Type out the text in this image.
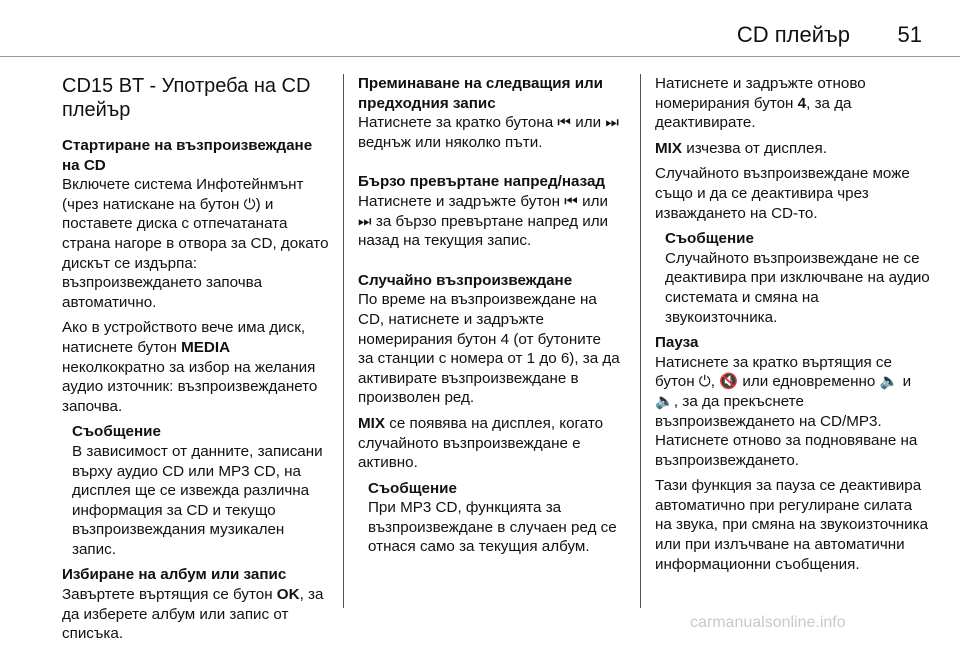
CD плейър 51
CD15 BT - Употреба на CD плейър

Стартиране на възпроизвеждане на CD

Включете система Инфотейнмънт (чрез натискане на бутон ⏻) и поставете диска с отпечатаната страна нагоре в отвора за CD, докато дискът се издърпа: възпроизвеждането започва автоматично.

Ако в устройството вече има диск, натиснете бутон MEDIA неколкократно за избор на желания аудио източник: възпроизвеждането започва.

Съобщение
В зависимост от данните, записани върху аудио CD или MP3 CD, на дисплея ще се извежда различна информация за CD и текущо възпроизвеждания музикален запис.

Избиране на албум или запис

Завъртете въртящия се бутон OK, за да изберете албум или запис от списъка.

Преминаване на следващия или предходния запис

Натиснете за кратко бутона ⏮ или ⏭ веднъж или няколко пъти.

Бързо превъртане напред/назад

Натиснете и задръжте бутон ⏮ или ⏭ за бързо превъртане напред или назад на текущия запис.

Случайно възпроизвеждане

По време на възпроизвеждане на CD, натиснете и задръжте номерирания бутон 4 (от бутоните за станции с номера от 1 до 6), за да активирате възпроизвеждане в произволен ред.

MIX се появява на дисплея, когато случайното възпроизвеждане е активно.

Съобщение
При MP3 CD, функцията за възпроизвеждане в случаен ред се отнася само за текущия албум.

Натиснете и задръжте отново номерирания бутон 4, за да деактивирате.

MIX изчезва от дисплея.

Случайното възпроизвеждане може също и да се деактивира чрез изваждането на CD-то.

Съобщение
Случайното възпроизвеждане не се деактивира при изключване на аудио системата и смяна на звукоизточника.

Пауза

Натиснете за кратко въртящия се бутон ⏻, 🔇 или едновременно 🔈 и 🔈, за да прекъснете възпроизвеждането на CD/MP3. Натиснете отново за подновяване на възпроизвеждането.

Тази функция за пауза се деактивира автоматично при регулиране силата на звука, при смяна на звукоизточника или при излъчване на автоматични информационни съобщения.

carmanualsonline.info
